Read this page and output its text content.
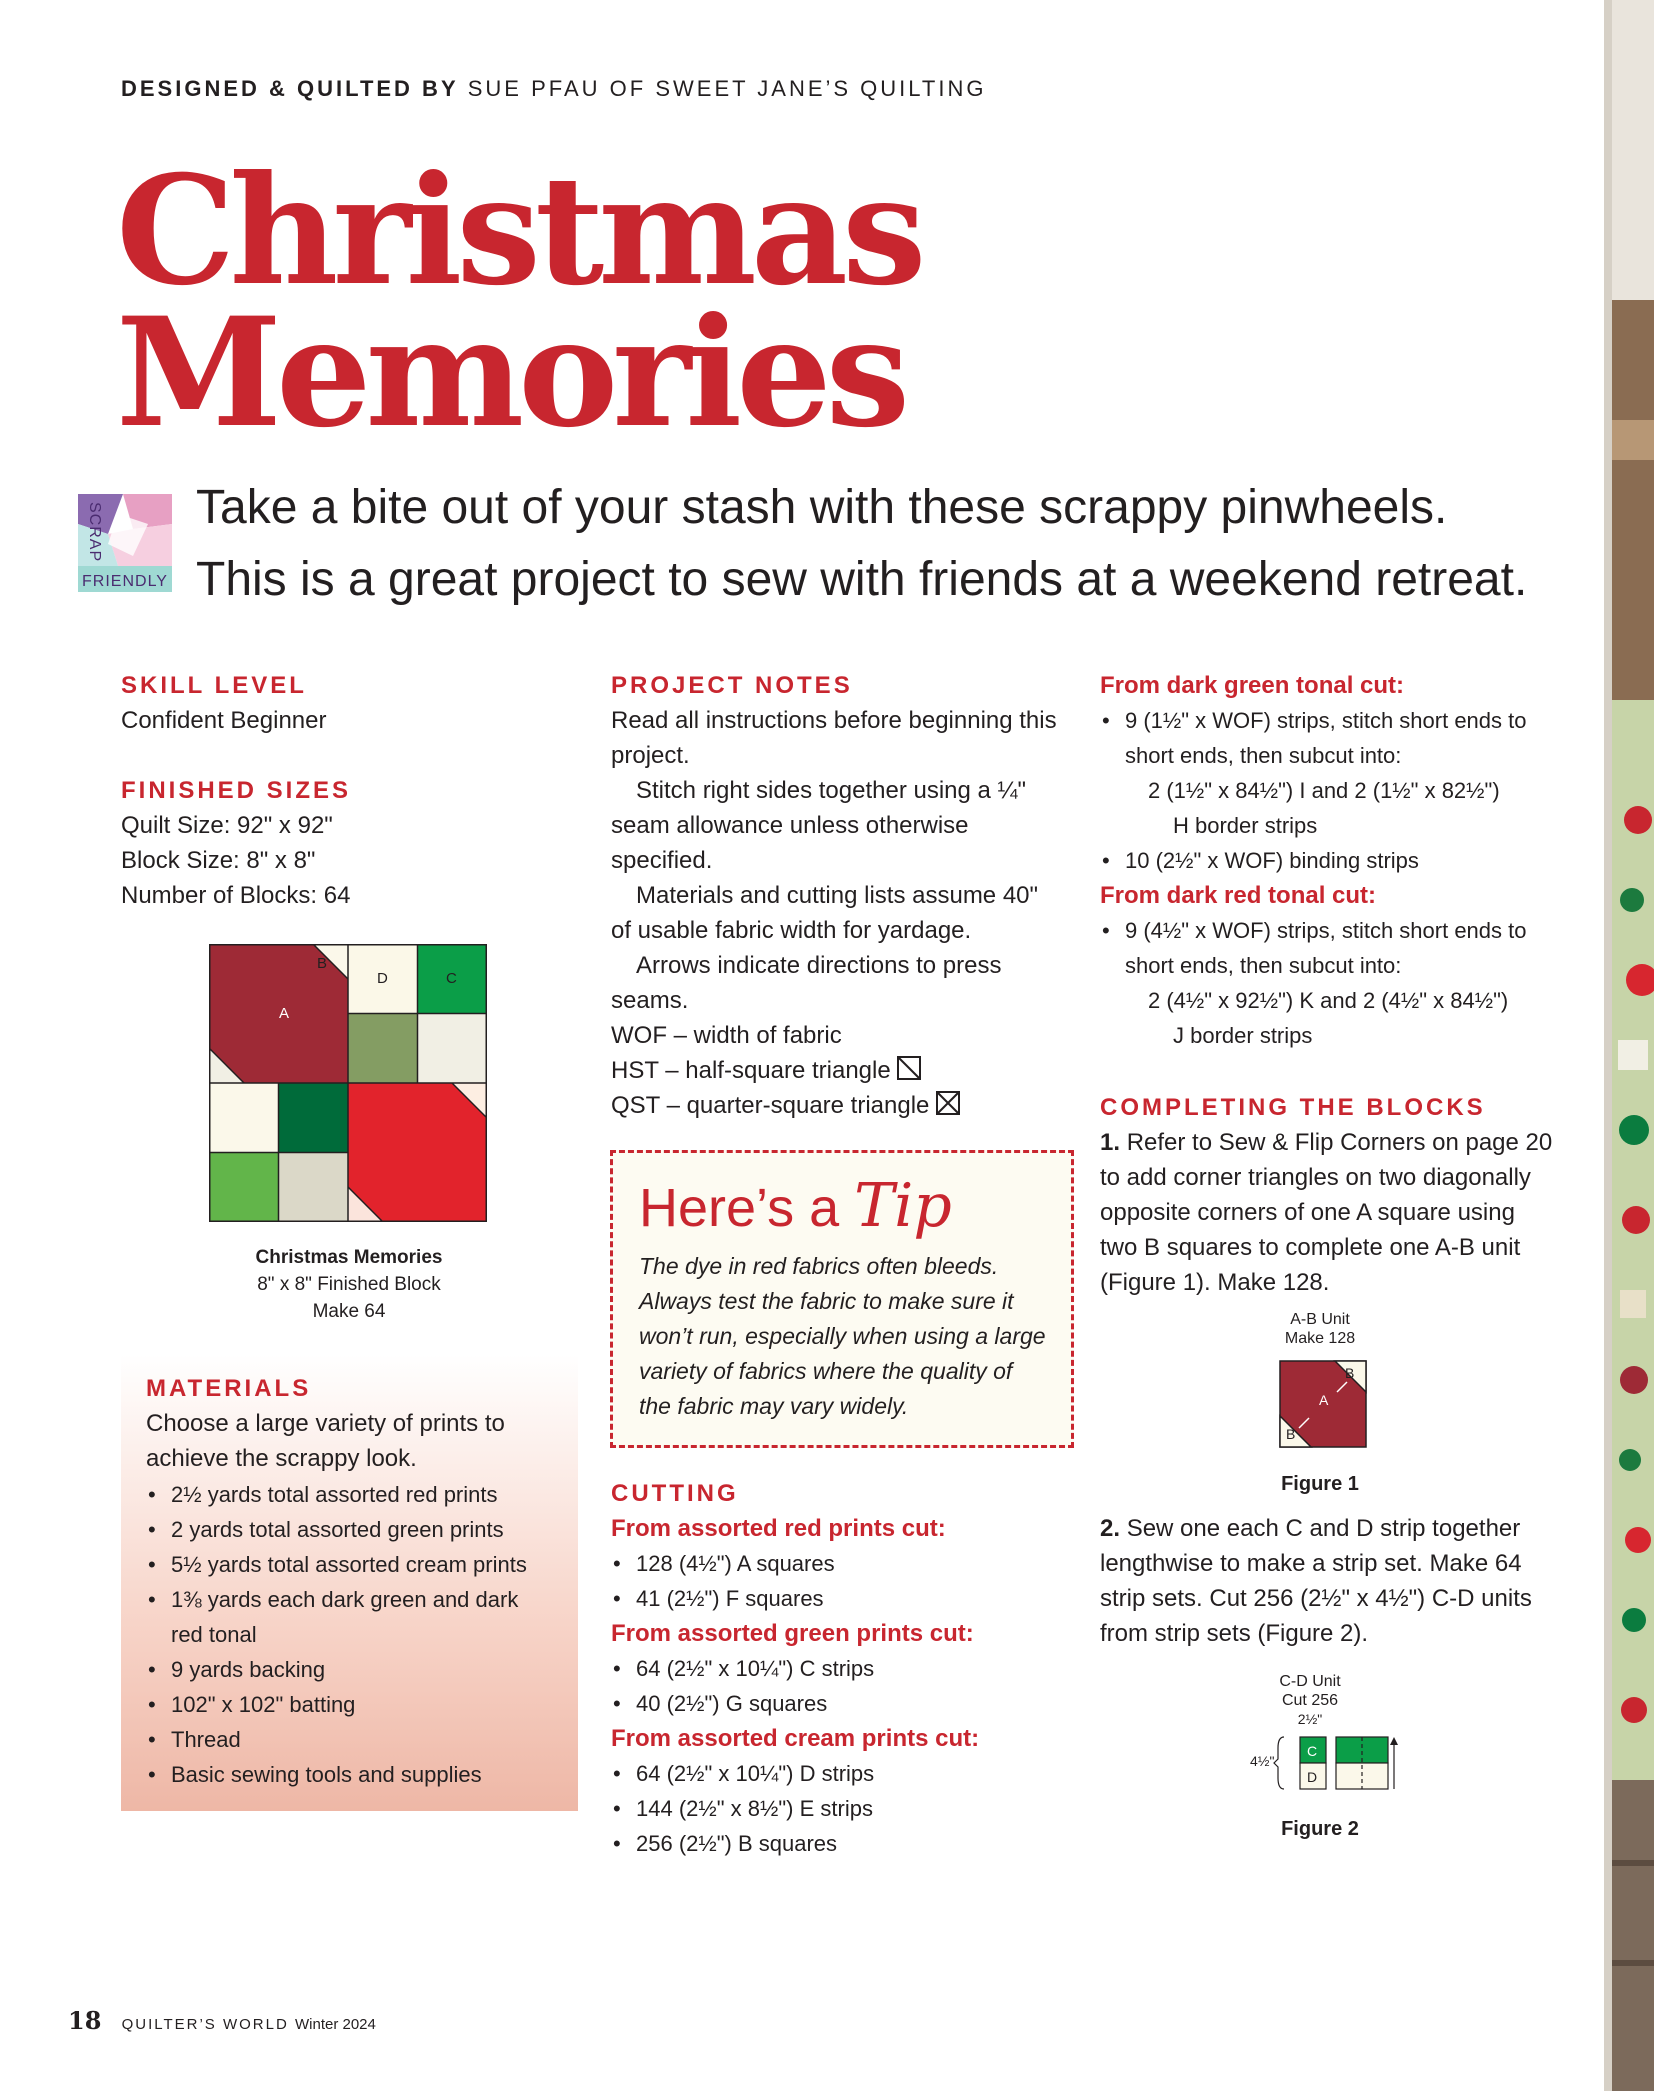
DESIGNED & QUILTED BY SUE PFAU OF SWEET JANE’S QUILTING
Christmas
Memories
FRIENDLY
SCRAP Take a bite out of your stash with these scrappy pinwheels.
This is a great project to sew with friends at a weekend retreat.
SKILL LEVEL
Confident Beginner
FINISHED SIZES
Quilt Size: 92" x 92"
Block Size: 8" x 8"
Number of Blocks: 64
A
B
D	C
Christmas Memories
8" x 8" Finished Block
Make 64
MATERIALS
Choose a large variety of prints to achieve the scrappy look.
• 2½ yards total assorted red prints
• 2 yards total assorted green prints
• 5½ yards total assorted cream prints
• 1⅜ yards each dark green and dark red tonal
• 9 yards backing
• 102" x 102" batting
• Thread
• Basic sewing tools and supplies
PROJECT NOTES
Read all instructions before beginning this project.
Stitch right sides together using a ¼" seam allowance unless otherwise specified.
Materials and cutting lists assume 40" of usable fabric width for yardage.
Arrows indicate directions to press seams.
WOF – width of fabric
HST – half-square triangle
QST – quarter-square triangle
Here’s a Tip
The dye in red fabrics often bleeds. Always test the fabric to make sure it won’t run, especially when using a large variety of fabrics where the quality of the fabric may vary widely.
CUTTING
From assorted red prints cut:
• 128 (4½") A squares
• 41 (2½") F squares
From assorted green prints cut:
• 64 (2½" x 10¼") C strips
• 40 (2½") G squares
From assorted cream prints cut:
• 64 (2½" x 10¼") D strips
• 144 (2½" x 8½") E strips
• 256 (2½") B squares
From dark green tonal cut:
• 9 (1½" x WOF) strips, stitch short ends to short ends, then subcut into:
2 (1½" x 84½") I and 2 (1½" x 82½")
H border strips
• 10 (2½" x WOF) binding strips
From dark red tonal cut:
• 9 (4½" x WOF) strips, stitch short ends to short ends, then subcut into:
2 (4½" x 92½") K and 2 (4½" x 84½")
J border strips
COMPLETING THE BLOCKS
1. Refer to Sew & Flip Corners on page 20 to add corner triangles on two diagonally opposite corners of one A square using two B squares to complete one A-B unit (Figure 1). Make 128.
A-B Unit
Make 128
A
B
B
Figure 1
2. Sew one each C and D strip together lengthwise to make a strip set. Make 64 strip sets. Cut 256 (2½" x 4½") C-D units from strip sets (Figure 2).
C-D Unit
Cut 256
2½"
4½"
C
D
Figure 2
18 QUILTER’S WORLD Winter 2024
